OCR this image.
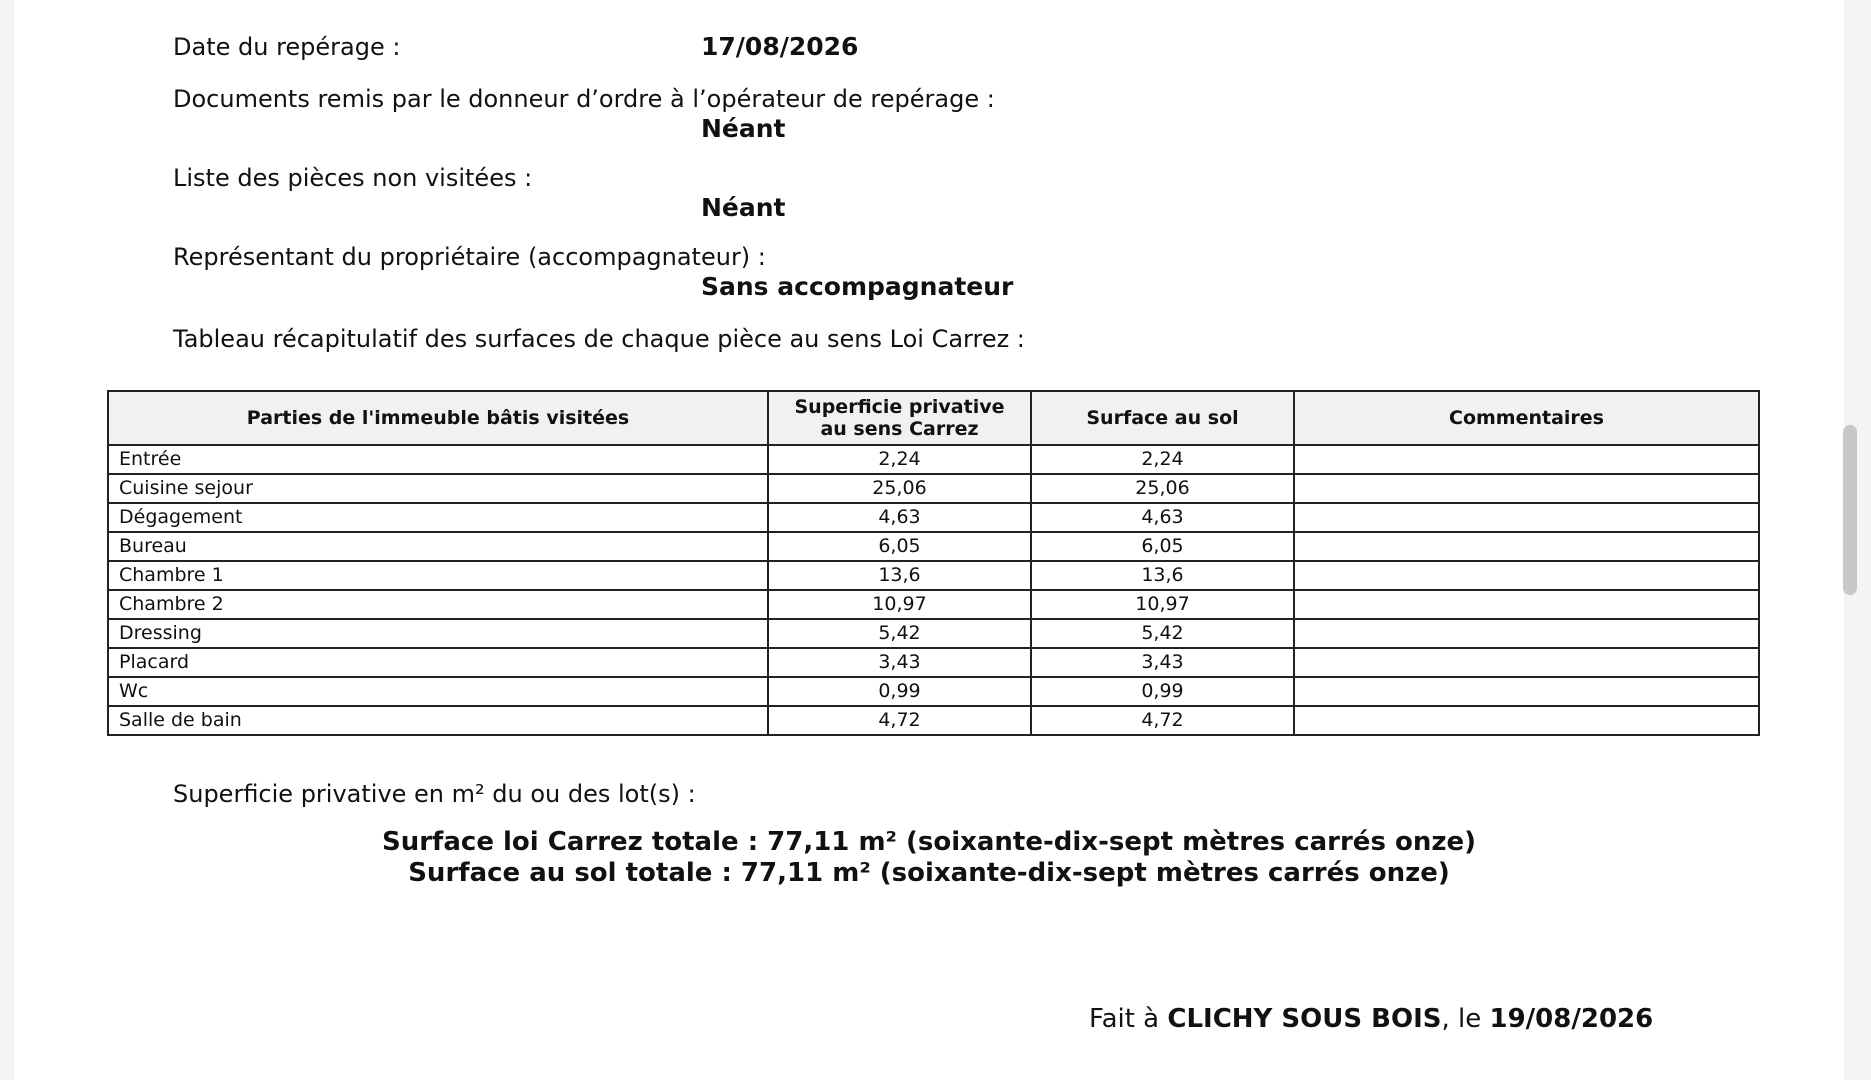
Date du repérage :	17/08/2026
Documents remis par le donneur d’ordre à l’opérateur de repérage :
Néant
Liste des pièces non visitées :
Néant
Représentant du propriétaire (accompagnateur) :
Sans accompagnateur
Tableau récapitulatif des surfaces de chaque pièce au sens Loi Carrez :
Parties de l'immeuble bâtis visitées	Superficie privative au sens Carrez	Surface au sol	Commentaires
Entrée	2,24	2,24	
Cuisine sejour	25,06	25,06	
Dégagement	4,63	4,63	
Bureau	6,05	6,05	
Chambre 1	13,6	13,6	
Chambre 2	10,97	10,97	
Dressing	5,42	5,42	
Placard	3,43	3,43	
Wc	0,99	0,99	
Salle de bain	4,72	4,72	
Superficie privative en m² du ou des lot(s) :
Surface loi Carrez totale : 77,11 m² (soixante-dix-sept mètres carrés onze)
Surface au sol totale : 77,11 m² (soixante-dix-sept mètres carrés onze)
Fait à CLICHY SOUS BOIS, le 19/08/2026
